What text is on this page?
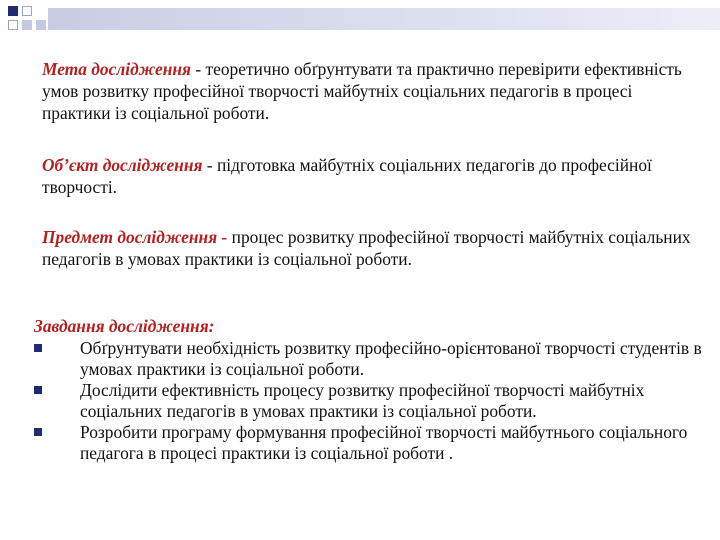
Мета дослідження - теоретично обґрунтувати та практично перевірити ефективність умов розвитку професійної творчості майбутніх соціальних педагогів в процесі практики із соціальної роботи.
Об’єкт дослідження - підготовка майбутніх соціальних педагогів до професійної творчості.
Предмет дослідження - процес розвитку професійної творчості майбутніх соціальних педагогів в умовах практики із соціальної роботи.
Завдання дослідження:
Обґрунтувати необхідність розвитку професійно-орієнтованої творчості студентів в умовах практики із соціальної роботи.
Дослідити ефективність процесу розвитку професійної творчості майбутніх соціальних педагогів в умовах практики із соціальної роботи.
Розробити програму формування професійної творчості майбутнього соціального педагога в процесі практики із соціальної роботи .
